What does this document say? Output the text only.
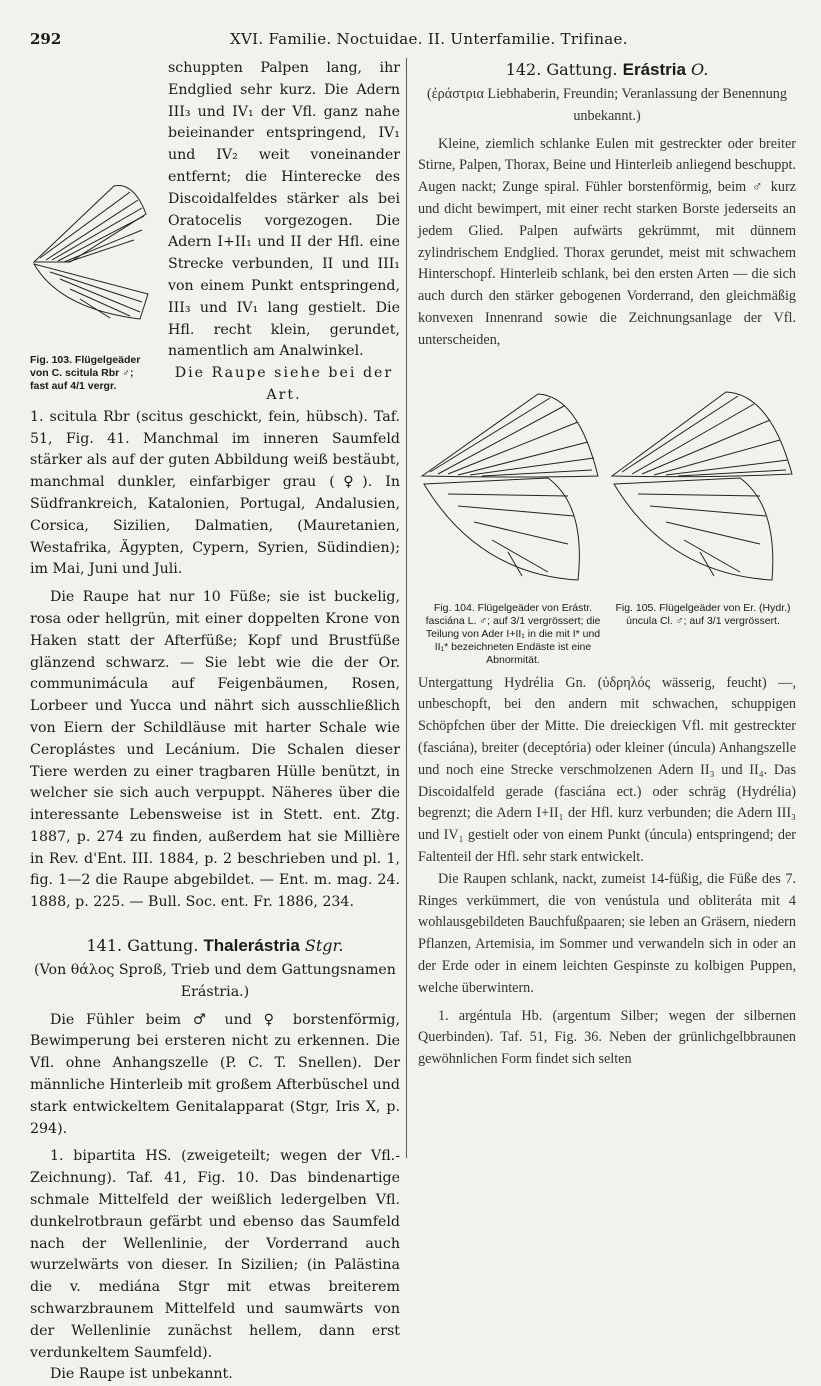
292	XVI. Familie. Noctuidae. II. Unterfamilie. Trifinae.
Fig. 103. Flügelgeäder von C. scitula Rbr ♂; fast auf 4/1 vergr.

schuppten Palpen lang, ihr Endglied sehr kurz. Die Adern III₃ und IV₁ der Vfl. ganz nahe beieinander entspringend, IV₁ und IV₂ weit voneinander entfernt; die Hinterecke des Discoidalfeldes stärker als bei Oratocelis vorgezogen. Die Adern I+II₁ und II der Hfl. eine Strecke verbunden, II und III₁ von einem Punkt entspringend, III₃ und IV₁ lang gestielt. Die Hfl. recht klein, gerundet, namentlich am Analwinkel.

Die Raupe siehe bei der Art.

1. scitula Rbr (scitus geschickt, fein, hübsch). Taf. 51, Fig. 41. Manchmal im inneren Saumfeld stärker als auf der guten Abbildung weiß bestäubt, manchmal dunkler, einfarbiger grau (♀). In Südfrankreich, Katalonien, Portugal, Andalusien, Corsica, Sizilien, Dalmatien, (Mauretanien, Westafrika, Ägypten, Cypern, Syrien, Südindien); im Mai, Juni und Juli.

Die Raupe hat nur 10 Füße; sie ist buckelig, rosa oder hellgrün, mit einer doppelten Krone von Haken statt der Afterfüße; Kopf und Brustfüße glänzend schwarz. — Sie lebt wie die der Or. communimácula auf Feigenbäumen, Rosen, Lorbeer und Yucca und nährt sich ausschließlich von Eiern der Schildläuse mit harter Schale wie Ceroplástes und Lecánium. Die Schalen dieser Tiere werden zu einer tragbaren Hülle benützt, in welcher sie sich auch verpuppt. Näheres über die interessante Lebensweise ist in Stett. ent. Ztg. 1887, p. 274 zu finden, außerdem hat sie Millière in Rev. d'Ent. III. 1884, p. 2 beschrieben und pl. 1, fig. 1—2 die Raupe abgebildet. — Ent. m. mag. 24. 1888, p. 225. — Bull. Soc. ent. Fr. 1886, 234.

141. Gattung. Thalerástria Stgr.

(Von θάλος Sproß, Trieb und dem Gattungsnamen Erástria.)

Die Fühler beim ♂ und ♀ borstenförmig, Bewimperung bei ersteren nicht zu erkennen. Die Vfl. ohne Anhangszelle (P. C. T. Snellen). Der männliche Hinterleib mit großem Afterbüschel und stark entwickeltem Genitalapparat (Stgr, Iris X, p. 294).

1. bipartita HS. (zweigeteilt; wegen der Vfl.-Zeichnung). Taf. 41, Fig. 10. Das bindenartige schmale Mittelfeld der weißlich ledergelben Vfl. dunkelrotbraun gefärbt und ebenso das Saumfeld nach der Wellenlinie, der Vorderrand auch wurzelwärts von dieser. In Sizilien; (in Palästina die v. mediána Stgr mit etwas breiterem schwarzbraunem Mittelfeld und saumwärts von der Wellenlinie zunächst hellem, dann erst verdunkeltem Saumfeld).

Die Raupe ist unbekannt.

142. Gattung. Erástria O.

(ἐράστρια Liebhaberin, Freundin; Veranlassung der Benennung unbekannt.)

Kleine, ziemlich schlanke Eulen mit gestreckter oder breiter Stirne, Palpen, Thorax, Beine und Hinterleib anliegend beschuppt. Augen nackt; Zunge spiral. Fühler borstenförmig, beim ♂ kurz und dicht bewimpert, mit einer recht starken Borste jederseits an jedem Glied. Palpen aufwärts gekrümmt, mit dünnem zylindrischem Endglied. Thorax gerundet, meist mit schwachem Hinterschopf. Hinterleib schlank, bei den ersten Arten — die sich auch durch den stärker gebogenen Vorderrand, den gleichmäßig konvexen Innenrand sowie die Zeichnungsanlage der Vfl. unterscheiden,

Fig. 104. Flügelgeäder von Erástr. fasciána L. ♂; auf 3/1 vergrössert; die Teilung von Ader I+II₁ in die mit I* und II₁* bezeichneten Endäste ist eine Abnormität.
Fig. 105. Flügelgeäder von Er. (Hydr.) úncula Cl. ♂; auf 3/1 vergrössert.

Untergattung Hydrélia Gn. (ὑδρηλός wässerig, feucht) —, unbeschopft, bei den andern mit schwachen, schuppigen Schöpfchen über der Mitte. Die dreieckigen Vfl. mit gestreckter (fasciána), breiter (deceptória) oder kleiner (úncula) Anhangszelle und noch eine Strecke verschmolzenen Adern II₃ und II₄. Das Discoidalfeld gerade (fasciána ect.) oder schräg (Hydrélia) begrenzt; die Adern I+II₁ der Hfl. kurz verbunden; die Adern III₃ und IV₁ gestielt oder von einem Punkt (úncula) entspringend; der Faltenteil der Hfl. sehr stark entwickelt.

Die Raupen schlank, nackt, zumeist 14-füßig, die Füße des 7. Ringes verkümmert, die von venústula und obliteráta mit 4 wohlausgebildeten Bauchfußpaaren; sie leben an Gräsern, niedern Pflanzen, Artemisia, im Sommer und verwandeln sich in oder an der Erde oder in einem leichten Gespinste zu kolbigen Puppen, welche überwintern.

1. argéntula Hb. (argentum Silber; wegen der silbernen Querbinden). Taf. 51, Fig. 36. Neben der grünlichgelbbraunen gewöhnlichen Form findet sich selten
